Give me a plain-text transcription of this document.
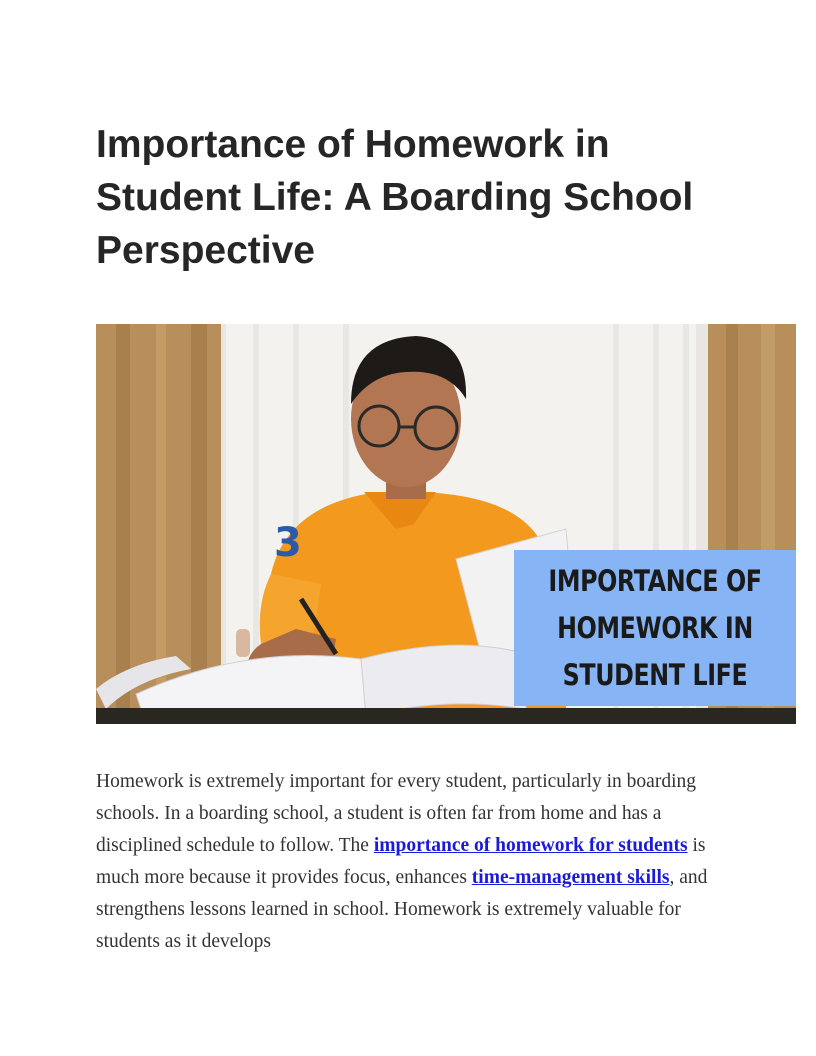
Importance of Homework in Student Life: A Boarding School Perspective
3
IMPORTANCE OF
HOMEWORK IN
STUDENT LIFE

Homework is extremely important for every student, particularly in boarding schools. In a boarding school, a student is often far from home and has a disciplined schedule to follow. The importance of homework for students is much more because it provides focus, enhances time-management skills, and strengthens lessons learned in school. Homework is extremely valuable for students as it develops
